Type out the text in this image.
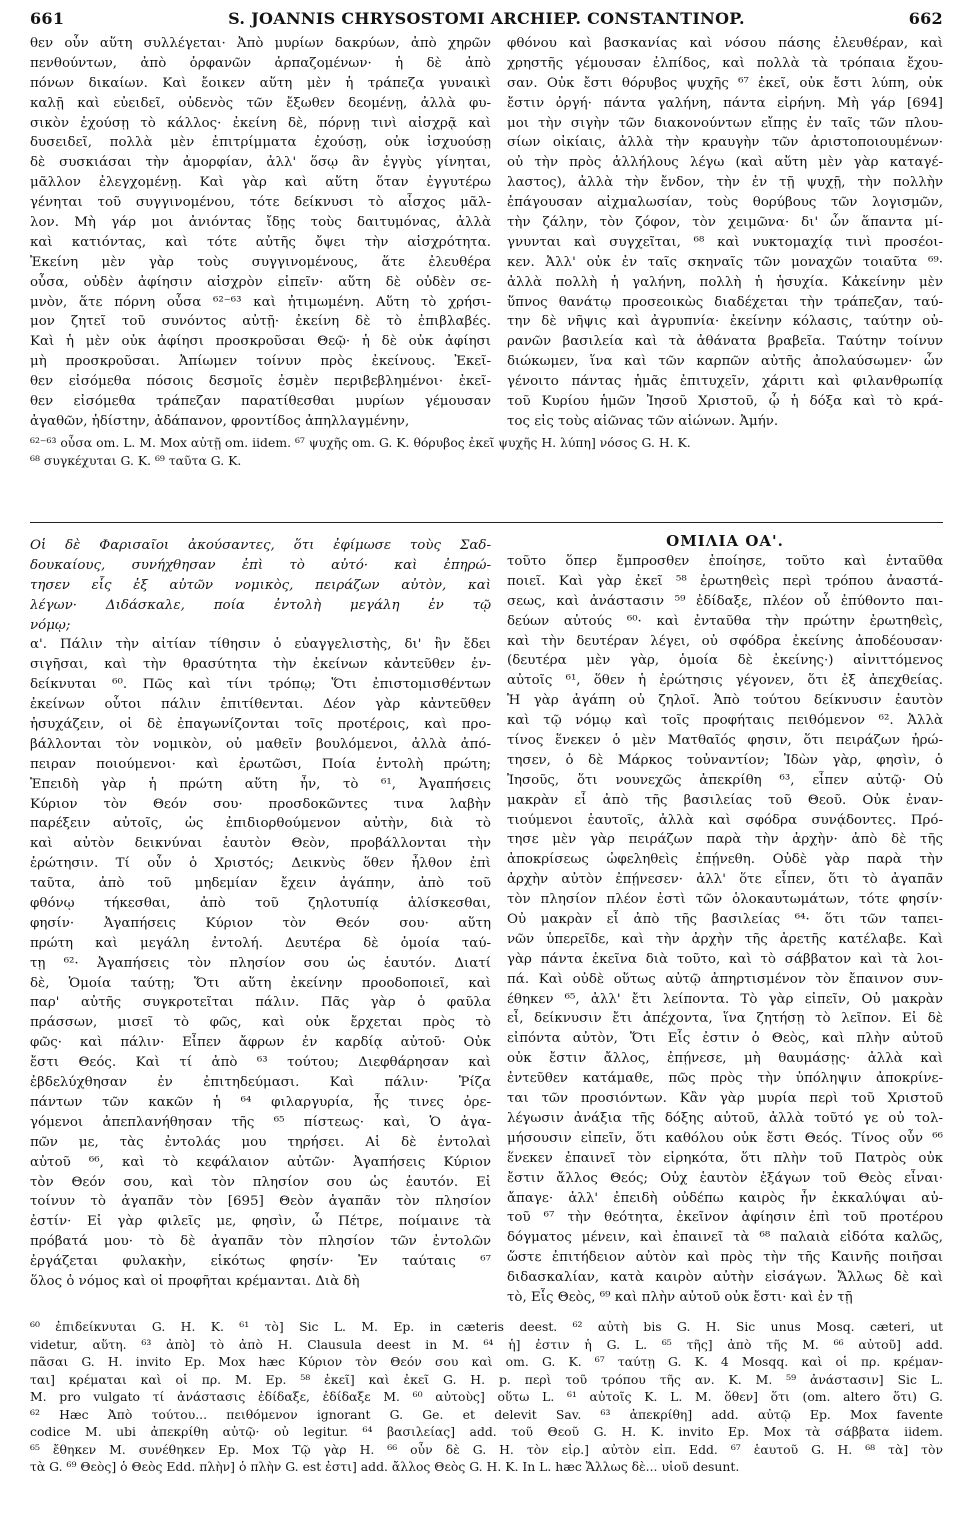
661	S. JOANNIS CHRYSOSTOMI ARCHIEP. CONSTANTINOP.	662
θεν οὖν αὕτη συλλέγεται· Ἀπὸ μυρίων δακρύων, ἀπὸ χηρῶν
πενθούντων, ἀπὸ ὀρφανῶν ἁρπαζομένων· ἡ δὲ ἀπὸ
πόνων δικαίων. Καὶ ἔοικεν αὕτη μὲν ἡ τράπεζα γυναικὶ
καλῇ καὶ εὐειδεῖ, οὐδενὸς τῶν ἔξωθεν δεομένῃ, ἀλλὰ φυ-
σικὸν ἐχούσῃ τὸ κάλλος· ἐκείνη δὲ, πόρνῃ τινὶ αἰσχρᾷ καὶ
δυσειδεῖ, πολλὰ μὲν ἐπιτρίμματα ἐχούσῃ, οὐκ ἰσχυούσῃ
δὲ συσκιάσαι τὴν ἀμορφίαν, ἀλλ' ὅσῳ ἂν ἐγγὺς γίνηται,
μᾶλλον ἐλεγχομένῃ. Καὶ γὰρ καὶ αὕτη ὅταν ἐγγυτέρω
γένηται τοῦ συγγινομένου, τότε δείκνυσι τὸ αἶσχος μᾶλ-
λον. Μὴ γάρ μοι ἀνιόντας ἴδῃς τοὺς δαιτυμόνας, ἀλλὰ
καὶ κατιόντας, καὶ τότε αὐτῆς ὄψει τὴν αἰσχρότητα.
Ἐκείνη μὲν γὰρ τοὺς συγγινομένους, ἅτε ἐλευθέρα
οὖσα, οὐδὲν ἀφίησιν αἰσχρὸν εἰπεῖν· αὕτη δὲ οὐδὲν σε-
μνὸν, ἅτε πόρνη οὖσα ⁶²⁻⁶³ καὶ ἠτιμωμένη. Αὕτη τὸ χρήσι-
μον ζητεῖ τοῦ συνόντος αὐτῇ· ἐκείνη δὲ τὸ ἐπιβλαβές.
Καὶ ἡ μὲν οὐκ ἀφίησι προσκροῦσαι Θεῷ· ἡ δὲ οὐκ ἀφίησι
μὴ προσκροῦσαι. Ἀπίωμεν τοίνυν πρὸς ἐκείνους. Ἐκεῖ-
θεν εἰσόμεθα πόσοις δεσμοῖς ἐσμὲν περιβεβλημένοι· ἐκεῖ-
θεν εἰσόμεθα τράπεζαν παρατίθεσθαι μυρίων γέμουσαν
ἀγαθῶν, ἡδίστην, ἀδάπανον, φροντίδος ἀπηλλαγμένην,
φθόνου καὶ βασκανίας καὶ νόσου πάσης ἐλευθέραν, καὶ
χρηστῆς γέμουσαν ἐλπίδος, καὶ πολλὰ τὰ τρόπαια ἔχου-
σαν. Οὐκ ἔστι θόρυβος ψυχῆς ⁶⁷ ἐκεῖ, οὐκ ἔστι λύπη, οὐκ
ἔστιν ὀργή· πάντα γαλήνη, πάντα εἰρήνη. Μὴ γάρ [694]
μοι τὴν σιγὴν τῶν διακονούντων εἴπῃς ἐν ταῖς τῶν πλου-
σίων οἰκίαις, ἀλλὰ τὴν κραυγὴν τῶν ἀριστοποιουμένων·
οὐ τὴν πρὸς ἀλλήλους λέγω (καὶ αὕτη μὲν γὰρ καταγέ-
λαστος), ἀλλὰ τὴν ἔνδον, τὴν ἐν τῇ ψυχῇ, τὴν πολλὴν
ἐπάγουσαν αἰχμαλωσίαν, τοὺς θορύβους τῶν λογισμῶν,
τὴν ζάλην, τὸν ζόφον, τὸν χειμῶνα· δι' ὧν ἅπαντα μί-
γνυνται καὶ συγχεῖται, ⁶⁸ καὶ νυκτομαχίᾳ τινὶ προσέοι-
κεν. Ἀλλ' οὐκ ἐν ταῖς σκηναῖς τῶν μοναχῶν τοιαῦτα ⁶⁹·
ἀλλὰ πολλὴ ἡ γαλήνη, πολλὴ ἡ ἡσυχία. Κἀκείνην μὲν
ὕπνος θανάτῳ προσεοικὼς διαδέχεται τὴν τράπεζαν, ταύ-
την δὲ νῆψις καὶ ἀγρυπνία· ἐκείνην κόλασις, ταύτην οὐ-
ρανῶν βασιλεία καὶ τὰ ἀθάνατα βραβεῖα. Ταύτην τοίνυν
διώκωμεν, ἵνα καὶ τῶν καρπῶν αὐτῆς ἀπολαύσωμεν· ὧν
γένοιτο πάντας ἡμᾶς ἐπιτυχεῖν, χάριτι καὶ φιλανθρωπίᾳ
τοῦ Κυρίου ἡμῶν Ἰησοῦ Χριστοῦ, ᾧ ἡ δόξα καὶ τὸ κρά-
τος εἰς τοὺς αἰῶνας τῶν αἰώνων. Ἀμήν.
⁶²⁻⁶³ οὖσα om. L. M. Mox αὐτῇ om. iidem. ⁶⁷ ψυχῆς om. G. K. θόρυβος ἐκεῖ ψυχῆς H. λύπη] νόσος G. H. K.
⁶⁸ συγκέχυται G. K. ⁶⁹ ταῦτα G. K.
ΟΜΙΛΙΑ ΟΑ'.
Οἱ δὲ Φαρισαῖοι ἀκούσαντες, ὅτι ἐφίμωσε τοὺς Σαδ-
δουκαίους, συνήχθησαν ἐπὶ τὸ αὐτό· καὶ ἐπηρώ-
τησεν εἷς ἐξ αὐτῶν νομικὸς, πειράζων αὐτὸν, καὶ
λέγων· Διδάσκαλε, ποία ἐντολὴ μεγάλη ἐν τῷ
νόμῳ;
α'. Πάλιν τὴν αἰτίαν τίθησιν ὁ εὐαγγελιστὴς, δι' ἣν ἔδει
σιγῆσαι, καὶ τὴν θρασύτητα τὴν ἐκείνων κἀντεῦθεν ἐν-
δείκνυται ⁶⁰. Πῶς καὶ τίνι τρόπῳ; Ὅτι ἐπιστομισθέντων
ἐκείνων οὗτοι πάλιν ἐπιτίθενται. Δέον γὰρ κἀντεῦθεν
ἡσυχάζειν, οἱ δὲ ἐπαγωνίζονται τοῖς προτέροις, καὶ προ-
βάλλονται τὸν νομικὸν, οὐ μαθεῖν βουλόμενοι, ἀλλὰ ἀπό-
πειραν ποιούμενοι· καὶ ἐρωτῶσι, Ποία ἐντολὴ πρώτη;
Ἐπειδὴ γὰρ ἡ πρώτη αὕτη ἦν, τὸ ⁶¹, Ἀγαπήσεις
Κύριον τὸν Θεόν σου· προσδοκῶντες τινα λαβὴν
παρέξειν αὐτοῖς, ὡς ἐπιδιορθούμενον αὐτὴν, διὰ τὸ
καὶ αὐτὸν δεικνύναι ἑαυτὸν Θεὸν, προβάλλονται τὴν
ἐρώτησιν. Τί οὖν ὁ Χριστός; Δεικνὺς ὅθεν ἦλθον ἐπὶ
ταῦτα, ἀπὸ τοῦ μηδεμίαν ἔχειν ἀγάπην, ἀπὸ τοῦ
φθόνῳ τήκεσθαι, ἀπὸ τοῦ ζηλοτυπίᾳ ἁλίσκεσθαι,
φησίν· Ἀγαπήσεις Κύριον τὸν Θεόν σου· αὕτη
πρώτη καὶ μεγάλη ἐντολή. Δευτέρα δὲ ὁμοία ταύ-
τῃ ⁶²· Ἀγαπήσεις τὸν πλησίον σου ὡς ἑαυτόν. Διατί
δὲ, Ὁμοία ταύτῃ; Ὅτι αὕτη ἐκείνην προοδοποιεῖ, καὶ
παρ' αὐτῆς συγκροτεῖται πάλιν. Πᾶς γὰρ ὁ φαῦλα
πράσσων, μισεῖ τὸ φῶς, καὶ οὐκ ἔρχεται πρὸς τὸ
φῶς· καὶ πάλιν· Εἶπεν ἄφρων ἐν καρδίᾳ αὐτοῦ· Οὐκ
ἔστι Θεός. Καὶ τί ἀπὸ ⁶³ τούτου; Διεφθάρησαν καὶ
ἐβδελύχθησαν ἐν ἐπιτηδεύμασι. Καὶ πάλιν· Ῥίζα
πάντων τῶν κακῶν ἡ ⁶⁴ φιλαργυρία, ἧς τινες ὀρε-
γόμενοι ἀπεπλανήθησαν τῆς ⁶⁵ πίστεως· καὶ, Ὁ ἀγα-
πῶν με, τὰς ἐντολάς μου τηρήσει. Αἱ δὲ ἐντολαὶ
αὐτοῦ ⁶⁶, καὶ τὸ κεφάλαιον αὐτῶν· Ἀγαπήσεις Κύριον
τὸν Θεόν σου, καὶ τὸν πλησίον σου ὡς ἑαυτόν. Εἰ
τοίνυν τὸ ἀγαπᾶν τὸν [695] Θεὸν ἀγαπᾶν τὸν πλησίον
ἐστίν· Εἰ γὰρ φιλεῖς με, φησὶν, ὦ Πέτρε, ποίμαινε τὰ
πρόβατά μου· τὸ δὲ ἀγαπᾶν τὸν πλησίον τῶν ἐντολῶν
ἐργάζεται φυλακὴν, εἰκότως φησίν· Ἐν ταύταις ⁶⁷
ὅλος ὁ νόμος καὶ οἱ προφῆται κρέμανται. Διὰ δὴ
τοῦτο ὅπερ ἔμπροσθεν ἐποίησε, τοῦτο καὶ ἐνταῦθα
ποιεῖ. Καὶ γὰρ ἐκεῖ ⁵⁸ ἐρωτηθεὶς περὶ τρόπου ἀναστά-
σεως, καὶ ἀνάστασιν ⁵⁹ ἐδίδαξε, πλέον οὗ ἐπύθοντο παι-
δεύων αὐτούς ⁶⁰· καὶ ἐνταῦθα τὴν πρώτην ἐρωτηθεὶς,
καὶ τὴν δευτέραν λέγει, οὐ σφόδρα ἐκείνης ἀποδέουσαν·
(δευτέρα μὲν γὰρ, ὁμοία δὲ ἐκείνης·) αἰνιττόμενος
αὐτοῖς ⁶¹, ὅθεν ἡ ἐρώτησις γέγονεν, ὅτι ἐξ ἀπεχθείας.
Ἡ γὰρ ἀγάπη οὐ ζηλοῖ. Ἀπὸ τούτου δείκνυσιν ἑαυτὸν
καὶ τῷ νόμῳ καὶ τοῖς προφήταις πειθόμενον ⁶². Ἀλλὰ
τίνος ἕνεκεν ὁ μὲν Ματθαῖός φησιν, ὅτι πειράζων ἠρώ-
τησεν, ὁ δὲ Μάρκος τοὐναντίον; Ἰδὼν γὰρ, φησὶν, ὁ
Ἰησοῦς, ὅτι νουνεχῶς ἀπεκρίθη ⁶³, εἶπεν αὐτῷ· Οὐ
μακρὰν εἶ ἀπὸ τῆς βασιλείας τοῦ Θεοῦ. Οὐκ ἐναν-
τιούμενοι ἑαυτοῖς, ἀλλὰ καὶ σφόδρα συνᾴδοντες. Πρό-
τησε μὲν γὰρ πειράζων παρὰ τὴν ἀρχὴν· ἀπὸ δὲ τῆς
ἀποκρίσεως ὠφεληθεὶς ἐπῄνεθη. Οὐδὲ γὰρ παρὰ τὴν
ἀρχὴν αὐτὸν ἐπῄνεσεν· ἀλλ' ὅτε εἶπεν, ὅτι τὸ ἀγαπᾶν
τὸν πλησίον πλέον ἐστὶ τῶν ὁλοκαυτωμάτων, τότε φησίν·
Οὐ μακρὰν εἶ ἀπὸ τῆς βασιλείας ⁶⁴· ὅτι τῶν ταπει-
νῶν ὑπερεῖδε, καὶ τὴν ἀρχὴν τῆς ἀρετῆς κατέλαβε. Καὶ
γὰρ πάντα ἐκεῖνα διὰ τοῦτο, καὶ τὸ σάββατον καὶ τὰ λοι-
πά. Καὶ οὐδὲ οὕτως αὐτῷ ἀπηρτισμένον τὸν ἔπαινον συν-
έθηκεν ⁶⁵, ἀλλ' ἔτι λείποντα. Τὸ γὰρ εἰπεῖν, Οὐ μακρὰν
εἶ, δείκνυσιν ἔτι ἀπέχοντα, ἵνα ζητήσῃ τὸ λεῖπον. Εἰ δὲ
εἰπόντα αὐτὸν, Ὅτι Εἷς ἐστιν ὁ Θεὸς, καὶ πλὴν αὐτοῦ
οὐκ ἔστιν ἄλλος, ἐπῄνεσε, μὴ θαυμάσῃς· ἀλλὰ καὶ
ἐντεῦθεν κατάμαθε, πῶς πρὸς τὴν ὑπόληψιν ἀποκρίνε-
ται τῶν προσιόντων. Κἂν γὰρ μυρία περὶ τοῦ Χριστοῦ
λέγωσιν ἀνάξια τῆς δόξης αὐτοῦ, ἀλλὰ τοῦτό γε οὐ τολ-
μήσουσιν εἰπεῖν, ὅτι καθόλου οὐκ ἔστι Θεός. Τίνος οὖν ⁶⁶
ἕνεκεν ἐπαινεῖ τὸν εἰρηκότα, ὅτι πλὴν τοῦ Πατρὸς οὐκ
ἔστιν ἄλλος Θεός; Οὐχ ἑαυτὸν ἐξάγων τοῦ Θεὸς εἶναι·
ἄπαγε· ἀλλ' ἐπειδὴ οὐδέπω καιρὸς ἦν ἐκκαλύψαι αὐ-
τοῦ ⁶⁷ τὴν θεότητα, ἐκεῖνον ἀφίησιν ἐπὶ τοῦ προτέρου
δόγματος μένειν, καὶ ἐπαινεῖ τὰ ⁶⁸ παλαιὰ εἰδότα καλῶς,
ὥστε ἐπιτήδειον αὐτὸν καὶ πρὸς τὴν τῆς Καινῆς ποιῆσαι
διδασκαλίαν, κατὰ καιρὸν αὐτὴν εἰσάγων. Ἄλλως δὲ καὶ
τὸ, Εἷς Θεὸς, ⁶⁹ καὶ πλὴν αὐτοῦ οὐκ ἔστι· καὶ ἐν τῇ
⁶⁰ ἐπιδείκνυται G. H. K. ⁶¹ τὸ] Sic L. M. Ep. in cæteris deest. ⁶² αὐτὴ bis G. H. Sic unus Mosq. cæteri, ut
videtur, αὕτη. ⁶³ ἀπὸ] τὸ ἀπὸ H. Clausula deest in M. ⁶⁴ ἡ] ἐστιν ἡ G. L. ⁶⁵ τῆς] ἀπὸ τῆς M. ⁶⁶ αὐτοῦ] add.
πᾶσαι G. H. invito Ep. Mox hæc Κύριον τὸν Θεόν σου καὶ om. G. K. ⁶⁷ ταύτῃ G. K. 4 Mosqq. καὶ οἱ πρ. κρέμαν-
ται] κρέμαται καὶ οἱ πρ. M. Ep. ⁵⁸ ἐκεῖ] καὶ ἐκεῖ G. H. p. περὶ τοῦ τρόπου τῆς αν. K. M. ⁵⁹ ἀνάστασιν] Sic L.
M. pro vulgato τί ἀνάστασις ἐδίδαξε, ἐδίδαξε M. ⁶⁰ αὐτοὺς] οὕτω L. ⁶¹ αὐτοῖς K. L. M. ὅθεν] ὅτι (om. altero ὅτι) G.
⁶² Hæc Ἀπὸ τούτου... πειθόμενον ignorant G. Ge. et delevit Sav. ⁶³ ἀπεκρίθη] add. αὐτῷ Ep. Mox favente
codice M. ubi ἀπεκρίθη αὐτῷ· οὐ legitur. ⁶⁴ βασιλείας] add. τοῦ Θεοῦ G. H. K. invito Ep. Mox τὰ σάββατα iidem.
⁶⁵ ἔθηκεν M. συνέθηκεν Ep. Mox Τῷ γὰρ H. ⁶⁶ οὖν δὲ G. H. τὸν εἰρ.] αὐτὸν εἰπ. Edd. ⁶⁷ ἑαυτοῦ G. H. ⁶⁸ τὰ] τὸν
τὰ G. ⁶⁹ Θεὸς] ὁ Θεὸς Edd. πλὴν] ὁ πλὴν G. est ἐστι] add. ἄλλος Θεὸς G. H. K. In L. hæc Ἄλλως δὲ... υἱοῦ desunt.
